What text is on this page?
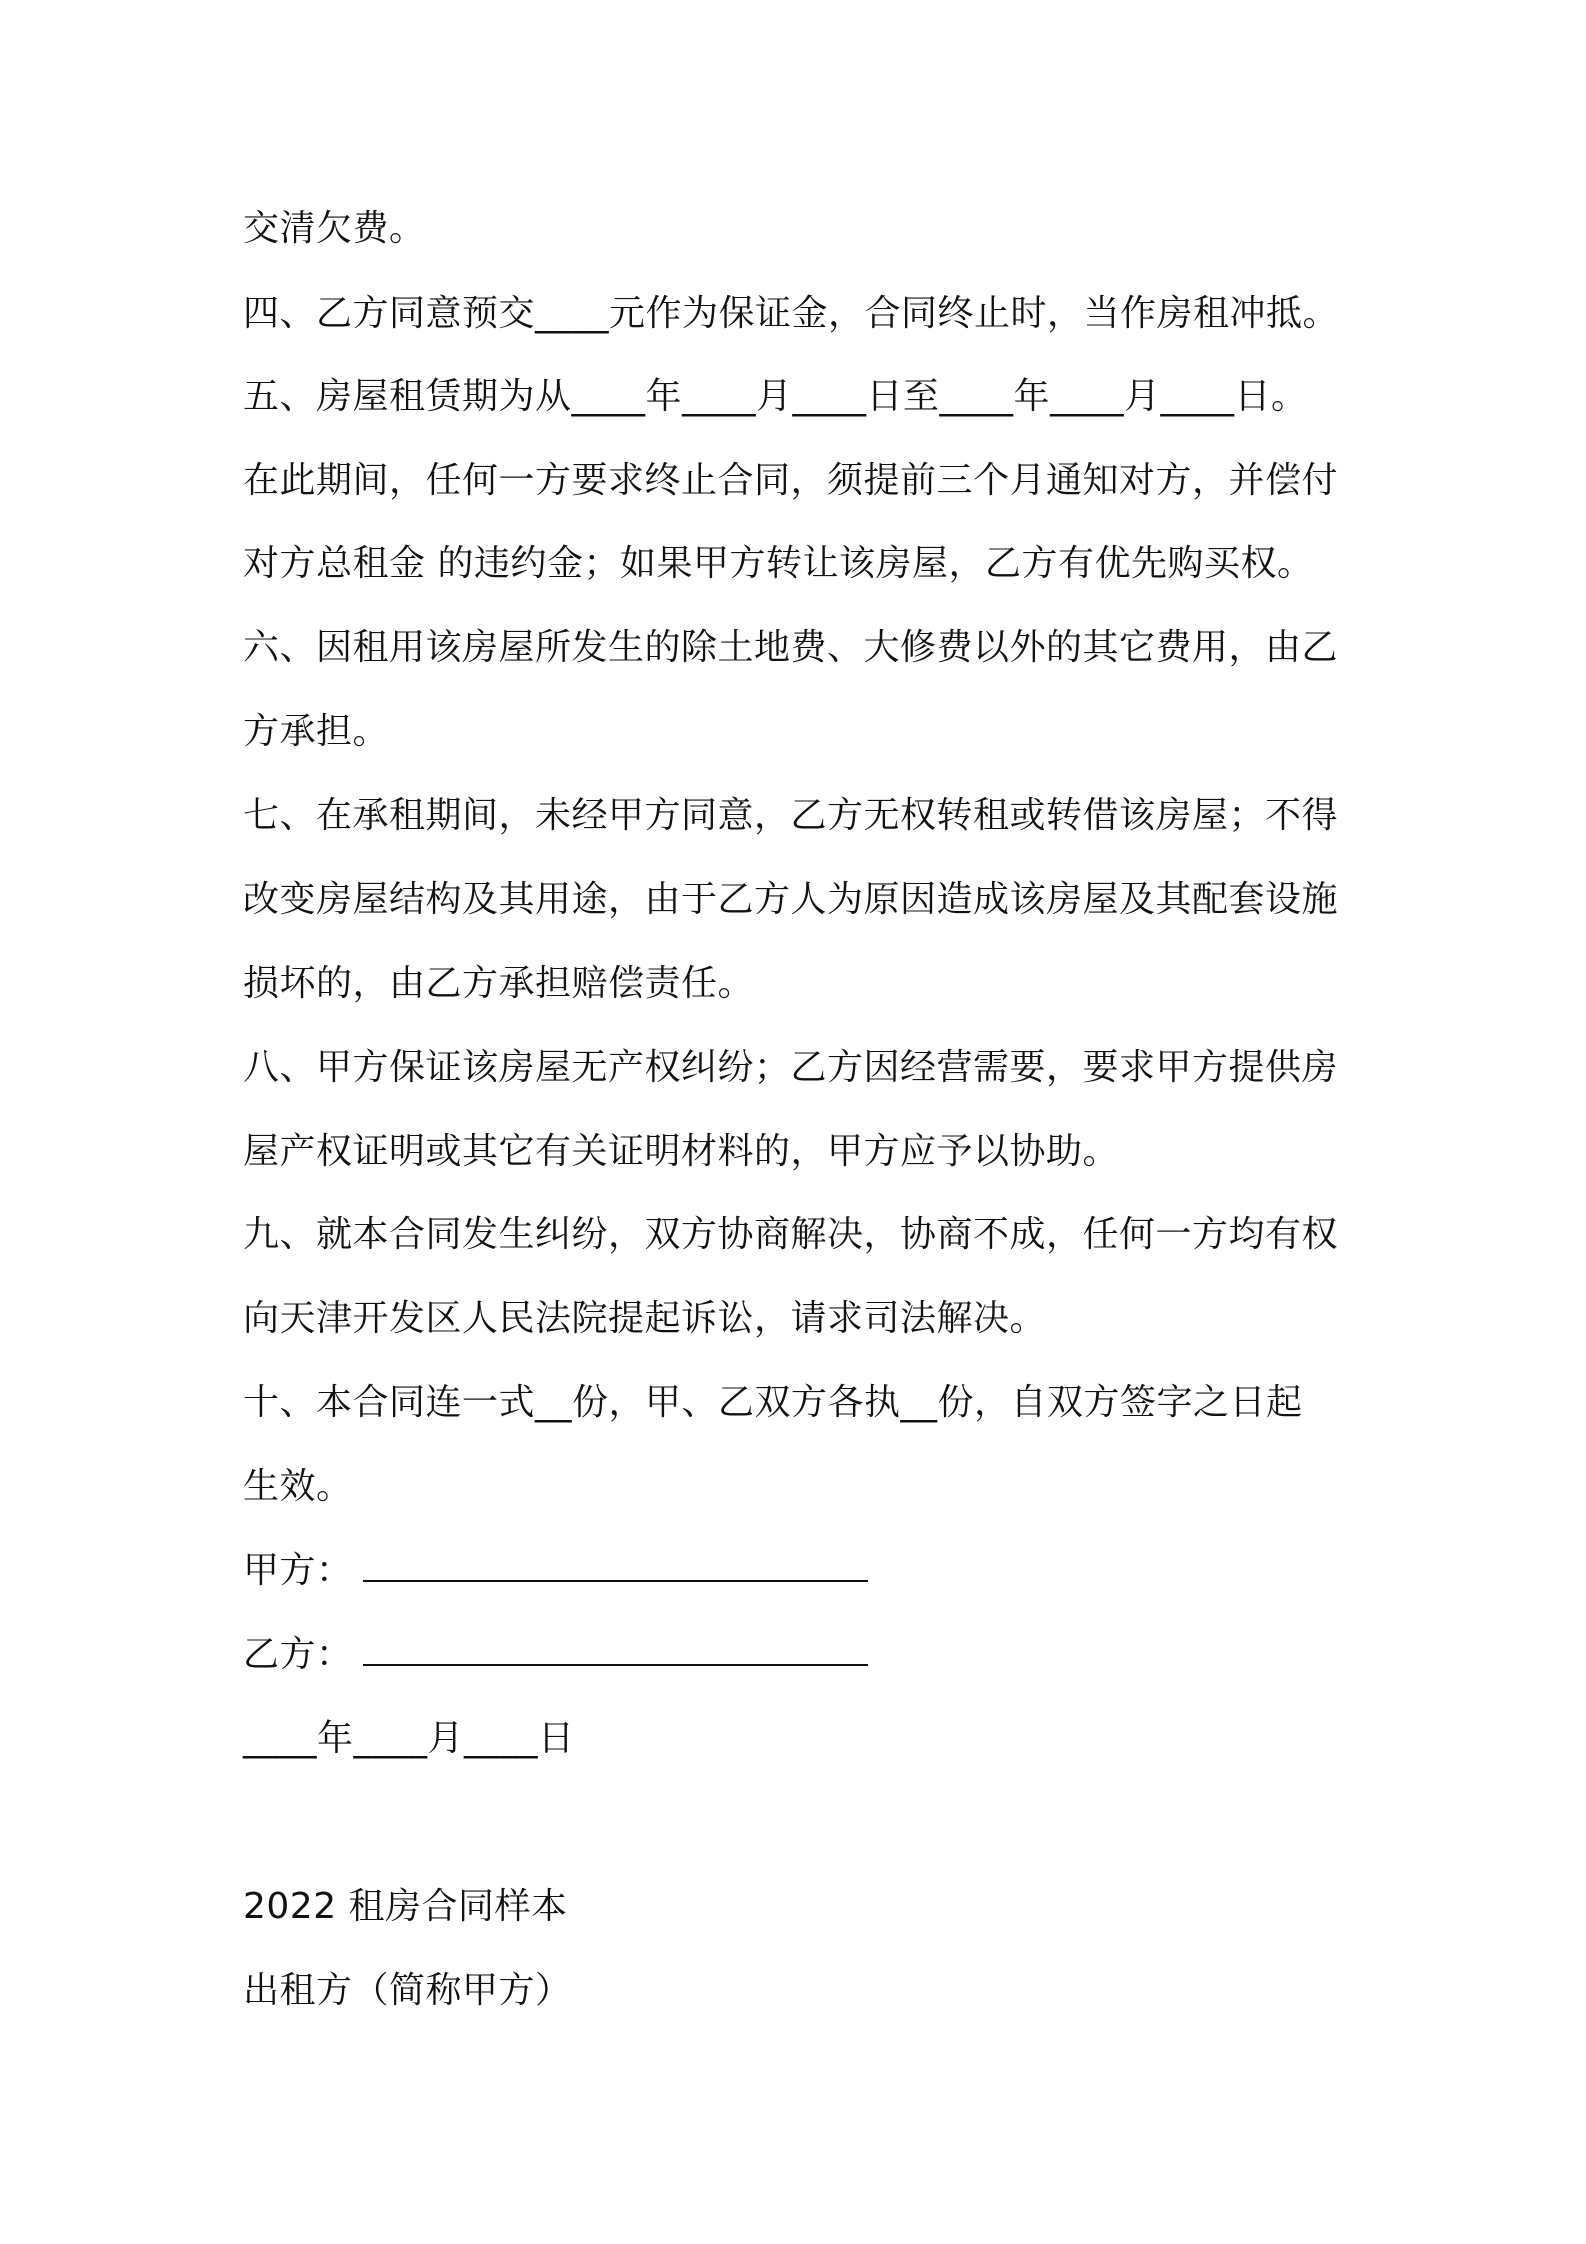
交清欠费。
四、乙方同意预交____元作为保证金，合同终止时，当作房租冲抵。
五、房屋租赁期为从____年____月____日至____年____月____日。
在此期间，任何一方要求终止合同，须提前三个月通知对方，并偿付
对方总租金 的违约金；如果甲方转让该房屋，乙方有优先购买权。
六、因租用该房屋所发生的除土地费、大修费以外的其它费用，由乙
方承担。
七、在承租期间，未经甲方同意，乙方无权转租或转借该房屋；不得
改变房屋结构及其用途，由于乙方人为原因造成该房屋及其配套设施
损坏的，由乙方承担赔偿责任。
八、甲方保证该房屋无产权纠纷；乙方因经营需要，要求甲方提供房
屋产权证明或其它有关证明材料的，甲方应予以协助。
九、就本合同发生纠纷，双方协商解决，协商不成，任何一方均有权
向天津开发区人民法院提起诉讼，请求司法解决。
十、本合同连一式__份，甲、乙双方各执__份，自双方签字之日起
生效。
甲方：
乙方：
____年____月____日
2022 租房合同样本
出租方（简称甲方）
